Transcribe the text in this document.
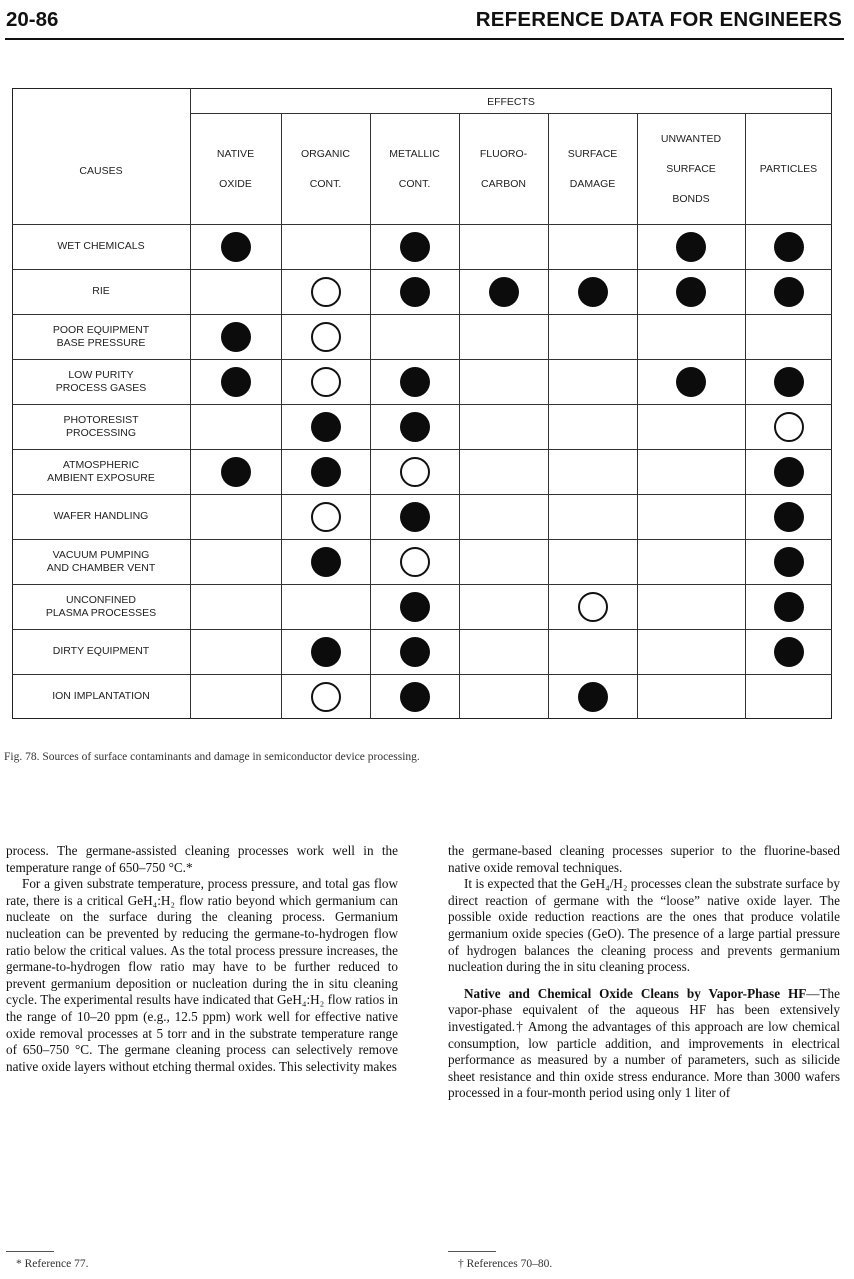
20-86	REFERENCE DATA FOR ENGINEERS
EFFECTS
CAUSES
NATIVE
OXIDE
ORGANIC
CONT.
METALLIC
CONT.
FLUORO-
CARBON
SURFACE
DAMAGE
UNWANTED
SURFACE
BONDS
PARTICLES
WET CHEMICALS
RIE
POOR EQUIPMENT
BASE PRESSURE
LOW PURITY
PROCESS GASES
PHOTORESIST
PROCESSING
ATMOSPHERIC
AMBIENT EXPOSURE
WAFER HANDLING
VACUUM PUMPING
AND CHAMBER VENT
UNCONFINED
PLASMA PROCESSES
DIRTY EQUIPMENT
ION IMPLANTATION
Fig. 78. Sources of surface contaminants and damage in semiconductor device processing.

process. The germane-assisted cleaning processes work well in the temperature range of 650–750 °C.*

For a given substrate temperature, process pressure, and total gas flow rate, there is a critical GeH₄:H₂ flow ratio beyond which germanium can nucleate on the surface during the cleaning process. Germanium nucleation can be prevented by reducing the germane-to-hydrogen flow ratio below the critical values. As the total process pressure increases, the germane-to-hydrogen flow ratio may have to be further reduced to prevent germanium deposition or nucleation during the in situ cleaning cycle. The experimental results have indicated that GeH₄:H₂ flow ratios in the range of 10–20 ppm (e.g., 12.5 ppm) work well for effective native oxide removal processes at 5 torr and in the substrate temperature range of 650–750 °C. The germane cleaning process can selectively remove native oxide layers without etching thermal oxides. This selectivity makes

the germane-based cleaning processes superior to the fluorine-based native oxide removal techniques.

It is expected that the GeH₄/H₂ processes clean the substrate surface by direct reaction of germane with the “loose” native oxide layer. The possible oxide reduction reactions are the ones that produce volatile germanium oxide species (GeO). The presence of a large partial pressure of hydrogen balances the cleaning process and prevents germanium nucleation during the in situ cleaning process.

Native and Chemical Oxide Cleans by Vapor-Phase HF—The vapor-phase equivalent of the aqueous HF has been extensively investigated.† Among the advantages of this approach are low chemical consumption, low particle addition, and improvements in electrical performance as measured by a number of parameters, such as silicide sheet resistance and thin oxide stress endurance. More than 3000 wafers processed in a four-month period using only 1 liter of

* Reference 77.	† References 70–80.
